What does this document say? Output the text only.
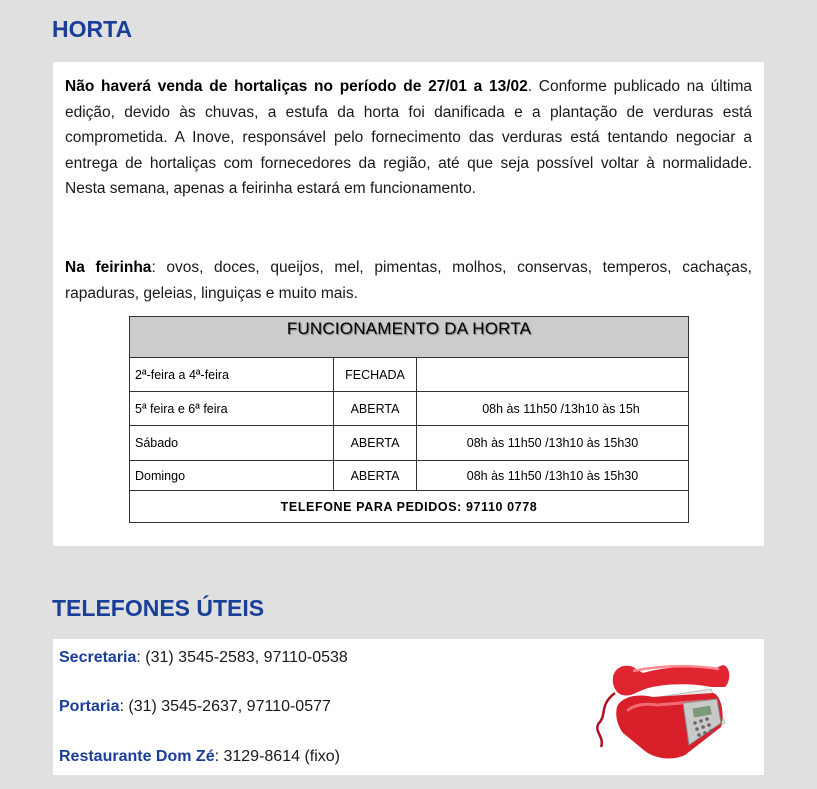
HORTA

Não haverá venda de hortaliças no período de 27/01 a 13/02. Conforme publicado na última edição, devido às chuvas, a estufa da horta foi danificada e a plantação de verduras está comprometida. A Inove, responsável pelo fornecimento das verduras está tentando negociar a entrega de hortaliças com fornecedores da região, até que seja possível voltar à normalidade. Nesta semana, apenas a feirinha estará em funcionamento.

Na feirinha: ovos, doces, queijos, mel, pimentas, molhos, conservas, temperos, cachaças, rapaduras, geleias, linguiças e muito mais.

FUNCIONAMENTO DA HORTA		
2ª-feira a 4ª-feira	FECHADA	
5ª feira e 6ª feira	ABERTA	08h às 11h50 /13h10 às 15h
Sábado	ABERTA	08h às 11h50 /13h10 às 15h30
Domingo	ABERTA	08h às 11h50 /13h10 às 15h30
TELEFONE PARA PEDIDOS: 97110 0778		
TELEFONES ÚTEIS

Secretaria: (31) 3545-2583, 97110-0538

Portaria: (31) 3545-2637, 97110-0577

Restaurante Dom Zé: 3129-8614 (fixo)
